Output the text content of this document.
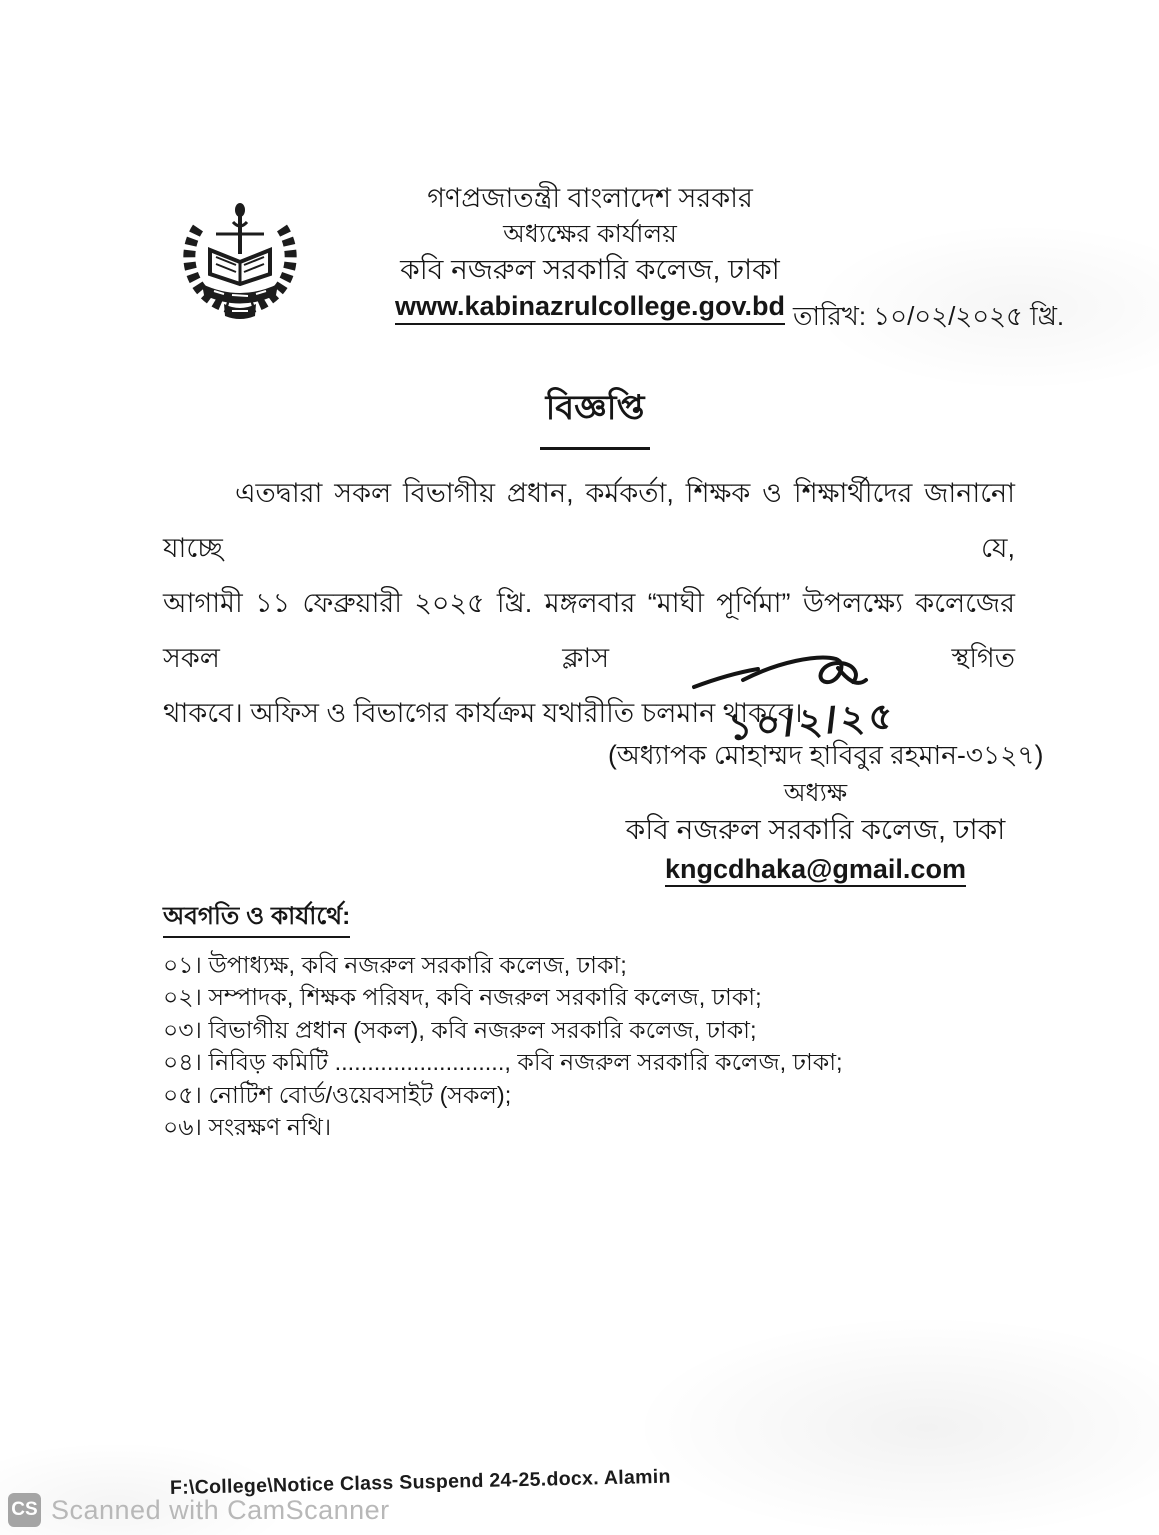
গণপ্রজাতন্ত্রী বাংলাদেশ সরকার
অধ্যক্ষের কার্যালয়
কবি নজরুল সরকারি কলেজ, ঢাকা
www.kabinazrulcollege.gov.bd তারিখ: ১০/০২/২০২৫ খ্রি.
বিজ্ঞপ্তি
এতদ্বারা সকল বিভাগীয় প্রধান, কর্মকর্তা, শিক্ষক ও শিক্ষার্থীদের জানানো যাচ্ছে যে,
আগামী ১১ ফেব্রুয়ারী ২০২৫ খ্রি. মঙ্গলবার “মাঘী পূর্ণিমা” উপলক্ষ্যে কলেজের সকল ক্লাস স্থগিত
থাকবে। অফিস ও বিভাগের কার্যক্রম যথারীতি চলমান থাকবে।
১০/২/২৫
(অধ্যাপক মোহাম্মদ হাবিবুর রহমান-৩১২৭)
অধ্যক্ষ
কবি নজরুল সরকারি কলেজ, ঢাকা
kngcdhaka@gmail.com
অবগতি ও কার্যার্থে:
০১। উপাধ্যক্ষ, কবি নজরুল সরকারি কলেজ, ঢাকা;
০২। সম্পাদক, শিক্ষক পরিষদ, কবি নজরুল সরকারি কলেজ, ঢাকা;
০৩। বিভাগীয় প্রধান (সকল), কবি নজরুল সরকারি কলেজ, ঢাকা;
০৪। নিবিড় কমিটি .........................., কবি নজরুল সরকারি কলেজ, ঢাকা;
০৫। নোটিশ বোর্ড/ওয়েবসাইট (সকল);
০৬। সংরক্ষণ নথি।
F:\College\Notice Class Suspend 24-25.docx. Alamin
CS Scanned with CamScanner
